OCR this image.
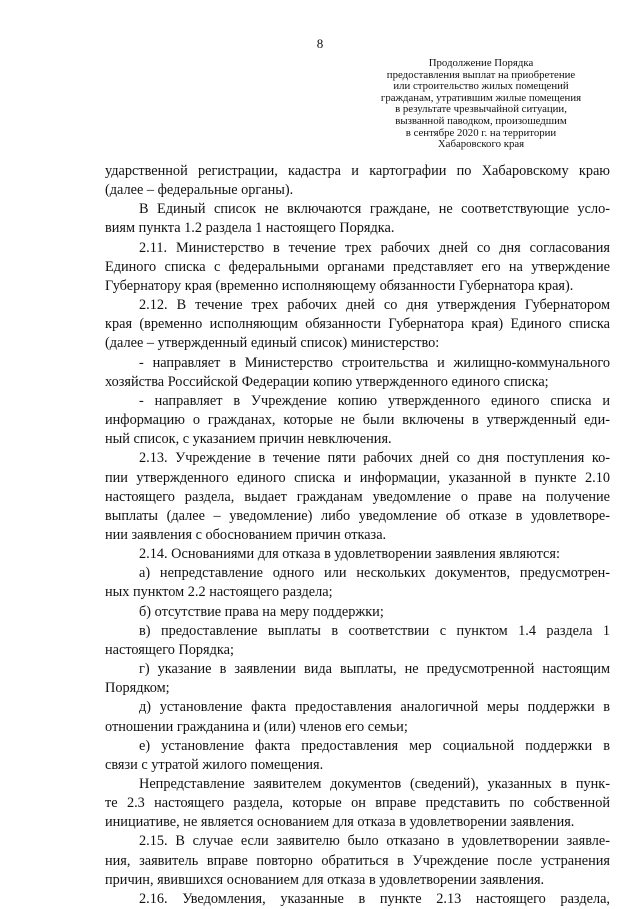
8
Продолжение Порядка
предоставления выплат на приобретение
или строительство жилых помещений
гражданам, утратившим жилые помещения
в результате чрезвычайной ситуации,
вызванной паводком, произошедшим
в сентябре 2020 г. на территории
Хабаровского края
ударственной регистрации, кадастра и картографии по Хабаровскому краю
(далее – федеральные органы).
В Единый список не включаются граждане, не соответствующие усло-
виям пункта 1.2 раздела 1 настоящего Порядка.
2.11. Министерство в течение трех рабочих дней со дня согласования
Единого списка с федеральными органами представляет его на утверждение
Губернатору края (временно исполняющему обязанности Губернатора края).
2.12. В течение трех рабочих дней со дня утверждения Губернатором
края (временно исполняющим обязанности Губернатора края) Единого списка
(далее – утвержденный единый список) министерство:
- направляет в Министерство строительства и жилищно-коммунального
хозяйства Российской Федерации копию утвержденного единого списка;
- направляет в Учреждение копию утвержденного единого списка и
информацию о гражданах, которые не были включены в утвержденный еди-
ный список, с указанием причин невключения.
2.13. Учреждение в течение пяти рабочих дней со дня поступления ко-
пии утвержденного единого списка и информации, указанной в пункте 2.10
настоящего раздела, выдает гражданам уведомление о праве на получение
выплаты (далее – уведомление) либо уведомление об отказе в удовлетворе-
нии заявления с обоснованием причин отказа.
2.14. Основаниями для отказа в удовлетворении заявления являются:
а) непредставление одного или нескольких документов, предусмотрен-
ных пунктом 2.2 настоящего раздела;
б) отсутствие права на меру поддержки;
в) предоставление выплаты в соответствии с пунктом 1.4 раздела 1
настоящего Порядка;
г) указание в заявлении вида выплаты, не предусмотренной настоящим
Порядком;
д) установление факта предоставления аналогичной меры поддержки в
отношении гражданина и (или) членов его семьи;
е) установление факта предоставления мер социальной поддержки в
связи с утратой жилого помещения.
Непредставление заявителем документов (сведений), указанных в пунк-
те 2.3 настоящего раздела, которые он вправе представить по собственной
инициативе, не является основанием для отказа в удовлетворении заявления.
2.15. В случае если заявителю было отказано в удовлетворении заявле-
ния, заявитель вправе повторно обратиться в Учреждение после устранения
причин, явившихся основанием для отказа в удовлетворении заявления.
2.16. Уведомления, указанные в пункте 2.13 настоящего раздела,
